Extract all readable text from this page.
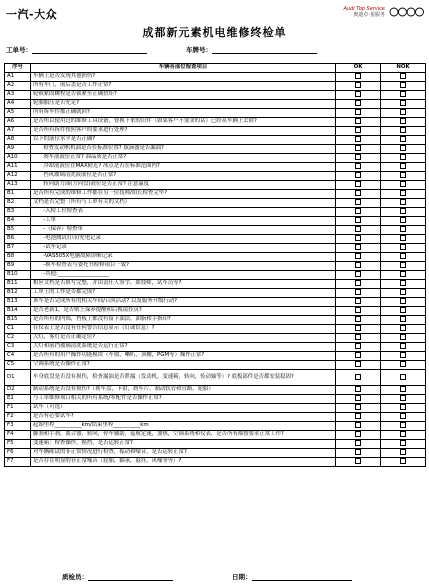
一汽-大众	Audi Top Service
奥迪卓·悦服务
成都新元素机电维修终检单
工单号：	车牌号：
序号	车辆各部位检查项目	OK	NOK
A1	车辆上是否发现其他损伤?		
A2	所有车门，前后盖是否工作正常?		
A3	轮毂紧固螺栓是否锁紧至正确扭矩?		
A4	轮胎胎压是否充足?		
A5	所有拆车件都正确就回?		
A6	是否所以使用过的维修工具设备，替换下来的旧件（如果客户不要求的话）已经从车辆上去除?		
A7	是否所有拆件按照客户的要求进行处理?		
A8	以下的液位水平是否正确?		
A9	检查发动机机油是否在标准位置? 拔滴器是否漏油?		
A10	刹车液液位正常? 油品质是否正常?		
A11	冷却液液位在MAX附近? 冰点是否在标准范围内?		
A12	挡风玻璃清洗液液位是否正常?		
A13	转向助力油(方向盘)液位是否正常? 注意温度		
B1	是否所有完成的维修工作都在另一位技师/组长检查完毕?		
B2	文档是否完整（所有与工单有关的文档）		
B3	-入检工位检查表		
B4	-工单		
B5	-（保养）检查单		
B6	-电池测试打印/充电记录		
B7	-试车记录		
B8	-VAS505X电脑故障诊断记录		
B9	-换车检查表与委托书检修项目一致?		
B10	-其他:___________________		
B11	相应文档是否填写完整，并由责任人签字，如技师，试车员等?		
B12	工单上的工作是否都完成?		
B13	该车是否完成所有的相关车间/召回活动? 以及服务升级行动?		
B14	是否老新1，是否贴上保养提醒和后视镜挂页?		
B15	是否所有的内饰，挡板上都没有留下油渍，油脂和手指印?		
C1	在仪表上是否没有任何警告信息显示（灯或信息）?		
C2	大灯，雾灯是否正确定位?		
C3	大灯和前挡玻璃清洗系统是否运行正常?		
C4	是否所有的用户操作功能模块（车窗，喇叭，顶棚，PGM等）操作正常?		
C5	空调系统是否操作正常?		
D1	车身底盘是否没有损伤，检查漏油是否泄漏（发动机，变速箱，转向，传动轴等）? 底板部件是否都安装稳固?		
D2	制动系统是否没有损伤?（刹车盘，卡钳，刹车片，制动软管和管路，轮胎）		
E1	与工单维修项目相关的所有系统/零配件是否操作正常?		
F1	试车（可选）		
F2	是否有必要试车?		
F3	起始里程__________km/结束里程__________km		
F4	脚刹和手刹，离合器，转向，停车辅助，巡航定速，加热，空调系统和仪表，是否所有都按要求正常工作?		
F5	变速箱：检查操作，换挡，是否运转正常?		
F6	对车辆陈试的非正常情况进行检查，振动和噪音，是否运转正常?		
F7	是否存在明显的非正常噪音（轮胎，轴承，悬挂，风噪等等）?		
质检员：	日期：
